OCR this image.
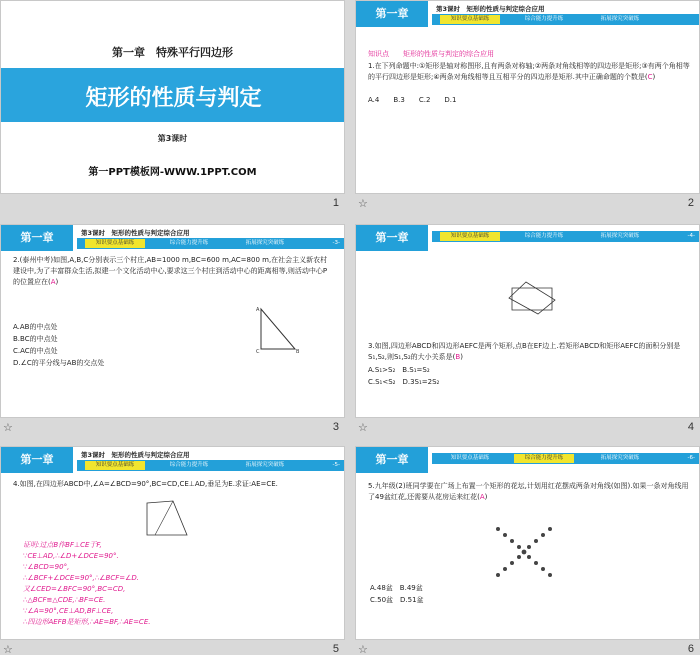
第一章　特殊平行四边形
矩形的性质与判定
第3课时
第一PPT模板网-WWW.1PPT.COM
1
第一章	第3课时　矩形的性质与判定综合应用
知识要点基础练	综合能力提升练	拓展探究突破练
知识点　　矩形的性质与判定的综合应用
1.在下列命题中:①矩形是轴对称图形,且有两条对称轴;②两条对角线相等的四边形是矩形;③有两个角相等的平行四边形是矩形;④两条对角线相等且互相平分的四边形是矩形.其中正确命题的个数是(C)
A.4　　B.3　　C.2　　D.1
☆	2
第一章	第3课时　矩形的性质与判定综合应用
知识要点基础练	综合能力提升练	拓展探究突破练	-3-
2.(泰州中考)如图,A,B,C分别表示三个村庄,AB=1000 m,BC=600 m,AC=800 m,在社会主义新农村建设中,为了丰富群众生活,拟建一个文化活动中心,要求这三个村庄到活动中心的距离相等,则活动中心P的位置应在(A)
A.AB的中点处
B.BC的中点处
C.AC的中点处
D.∠C的平分线与AB的交点处
A
C	B
☆	3
第一章	知识要点基础练	综合能力提升练	拓展探究突破练	-4-
3.如图,四边形ABCD和四边形AEFC是两个矩形,点B在EF边上.若矩形ABCD和矩形AEFC的面积分别是S₁,S₂,则S₁,S₂的大小关系是(B)
A.S₁>S₂　B.S₁=S₂
C.S₁<S₂　D.3S₁=2S₂
☆	4
第一章	第3课时　矩形的性质与判定综合应用
知识要点基础练	综合能力提升练	拓展探究突破练	-5-
4.如图,在四边形ABCD中,∠A=∠BCD=90°,BC=CD,CE⊥AD,垂足为E.求证:AE=CE.
证明:过点B作BF⊥CE于F,
∵CE⊥AD,∴∠D+∠DCE=90°.
∵∠BCD=90°,
∴∠BCF+∠DCE=90°,∴∠BCF=∠D.
又∠CED=∠BFC=90°,BC=CD,
∴△BCF≌△CDE,∴BF=CE.
∵∠A=90°,CE⊥AD,BF⊥CE,
∴四边形AEFB是矩形,∴AE=BF,∴AE=CE.
☆	5
第一章	知识要点基础练	综合能力提升练	拓展探究突破练	-6-
5.九年级(2)班同学要在广场上布置一个矩形的花坛,计划用红花摆成两条对角线(如图).如果一条对角线用了49盆红花,还需要从花房运来红花(A)
A.48盆　B.49盆
C.50盆　D.51盆
☆	6
